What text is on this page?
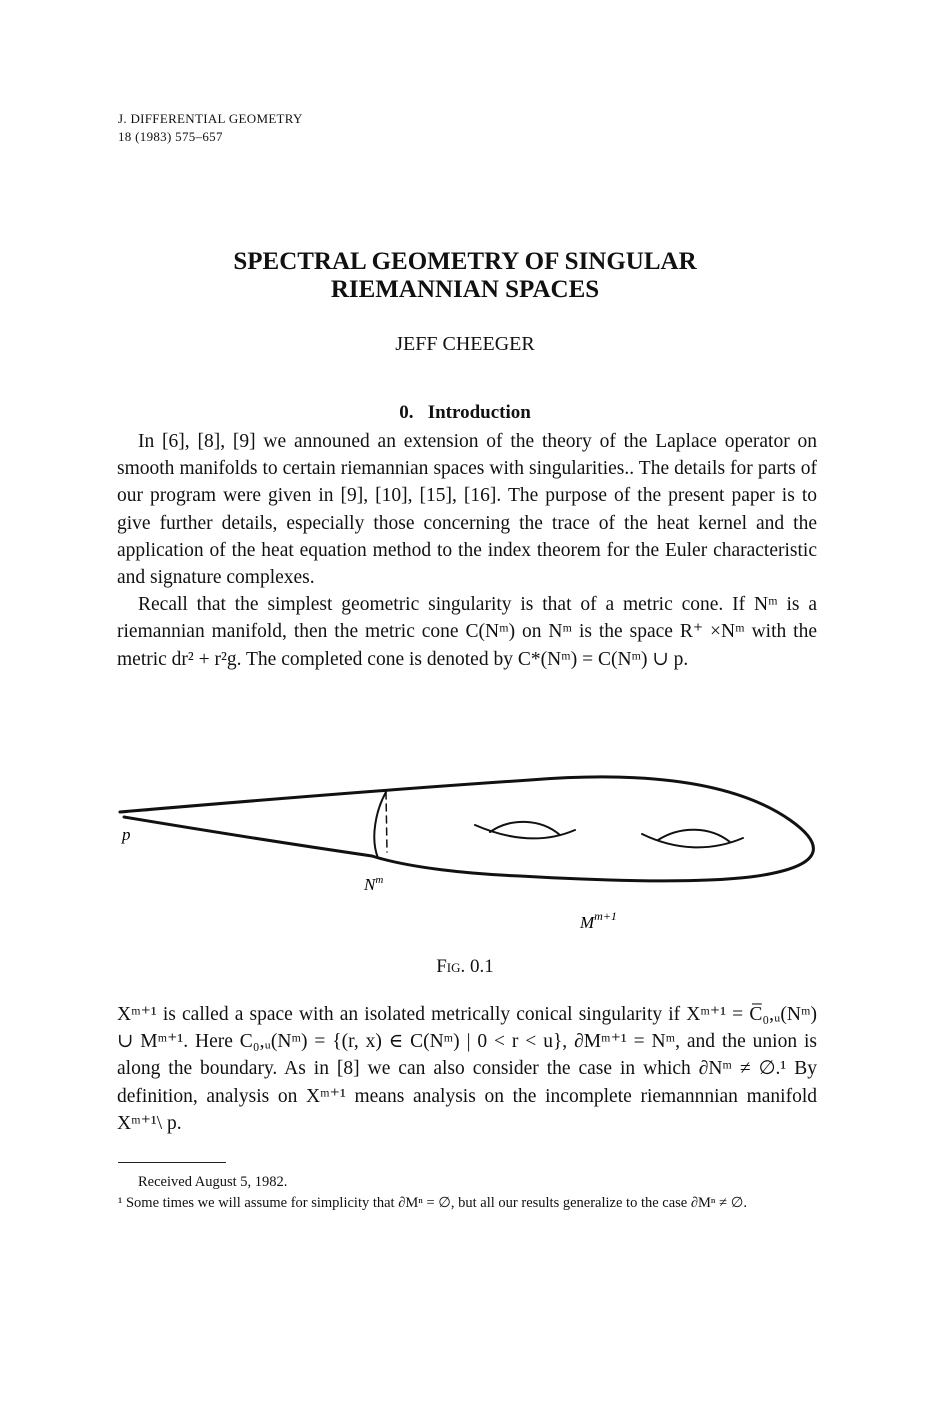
J. DIFFERENTIAL GEOMETRY
18 (1983) 575–657
SPECTRAL GEOMETRY OF SINGULAR
RIEMANNIAN SPACES
JEFF CHEEGER
0. Introduction

In [6], [8], [9] we announed an extension of the theory of the Laplace operator on smooth manifolds to certain riemannian spaces with singularities.. The details for parts of our program were given in [9], [10], [15], [16]. The purpose of the present paper is to give further details, especially those concerning the trace of the heat kernel and the application of the heat equation method to the index theorem for the Euler characteristic and signature complexes.

Recall that the simplest geometric singularity is that of a metric cone. If Nᵐ is a riemannian manifold, then the metric cone C(Nᵐ) on Nᵐ is the space R⁺ ×Nᵐ with the metric dr² + r²g. The completed cone is denoted by C*(Nᵐ) = C(Nᵐ) ∪ p.

p
$N^m$
$M^{m+1}$
Fig. 0.1

Xᵐ⁺¹ is called a space with an isolated metrically conical singularity if Xᵐ⁺¹ = C̅₀,ᵤ(Nᵐ) ∪ Mᵐ⁺¹. Here C₀,ᵤ(Nᵐ) = {(r, x) ∈ C(Nᵐ) | 0 < r < u}, ∂Mᵐ⁺¹ = Nᵐ, and the union is along the boundary. As in [8] we can also consider the case in which ∂Nᵐ ≠ ∅.¹ By definition, analysis on Xᵐ⁺¹ means analysis on the incomplete riemannnian manifold Xᵐ⁺¹\ p.

Received August 5, 1982.

¹ Some times we will assume for simplicity that ∂Mⁿ = ∅, but all our results generalize to the case ∂Mⁿ ≠ ∅.
